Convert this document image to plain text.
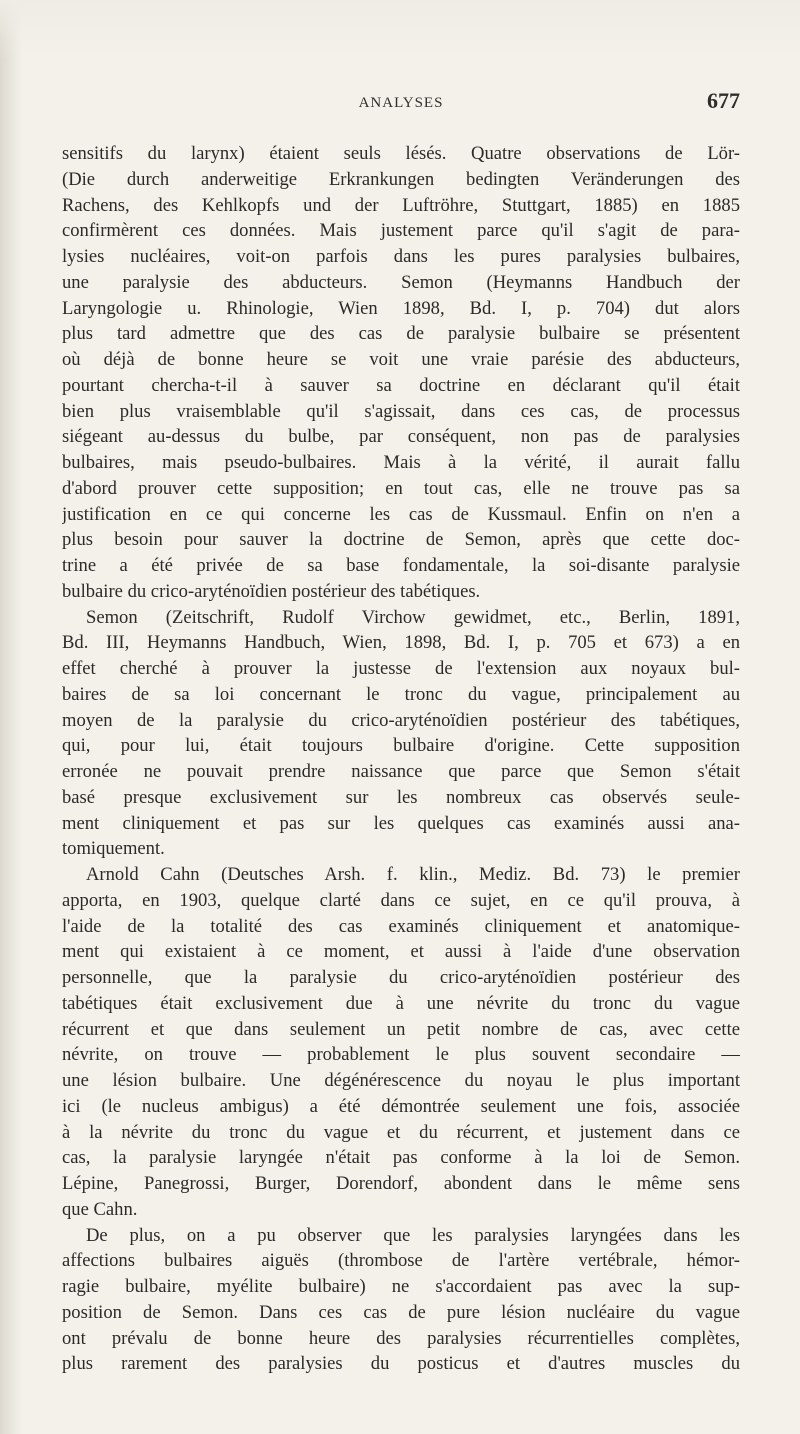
ANALYSES	677
sensitifs du larynx) étaient seuls lésés. Quatre observations de Lör-
(Die durch anderweitige Erkrankungen bedingten Veränderungen des
Rachens, des Kehlkopfs und der Luftröhre, Stuttgart, 1885) en 1885
confirmèrent ces données. Mais justement parce qu'il s'agit de para-
lysies nucléaires, voit-on parfois dans les pures paralysies bulbaires,
une paralysie des abducteurs. Semon (Heymanns Handbuch der
Laryngologie u. Rhinologie, Wien 1898, Bd. I, p. 704) dut alors
plus tard admettre que des cas de paralysie bulbaire se présentent
où déjà de bonne heure se voit une vraie parésie des abducteurs,
pourtant chercha-t-il à sauver sa doctrine en déclarant qu'il était
bien plus vraisemblable qu'il s'agissait, dans ces cas, de processus
siégeant au-dessus du bulbe, par conséquent, non pas de paralysies
bulbaires, mais pseudo-bulbaires. Mais à la vérité, il aurait fallu
d'abord prouver cette supposition; en tout cas, elle ne trouve pas sa
justification en ce qui concerne les cas de Kussmaul. Enfin on n'en a
plus besoin pour sauver la doctrine de Semon, après que cette doc-
trine a été privée de sa base fondamentale, la soi-disante paralysie
bulbaire du crico-aryténoïdien postérieur des tabétiques.
Semon (Zeitschrift, Rudolf Virchow gewidmet, etc., Berlin, 1891,
Bd. III, Heymanns Handbuch, Wien, 1898, Bd. I, p. 705 et 673) a en
effet cherché à prouver la justesse de l'extension aux noyaux bul-
baires de sa loi concernant le tronc du vague, principalement au
moyen de la paralysie du crico-aryténoïdien postérieur des tabétiques,
qui, pour lui, était toujours bulbaire d'origine. Cette supposition
erronée ne pouvait prendre naissance que parce que Semon s'était
basé presque exclusivement sur les nombreux cas observés seule-
ment cliniquement et pas sur les quelques cas examinés aussi ana-
tomiquement.
Arnold Cahn (Deutsches Arsh. f. klin., Mediz. Bd. 73) le premier
apporta, en 1903, quelque clarté dans ce sujet, en ce qu'il prouva, à
l'aide de la totalité des cas examinés cliniquement et anatomique-
ment qui existaient à ce moment, et aussi à l'aide d'une observation
personnelle, que la paralysie du crico-aryténoïdien postérieur des
tabétiques était exclusivement due à une névrite du tronc du vague
récurrent et que dans seulement un petit nombre de cas, avec cette
névrite, on trouve — probablement le plus souvent secondaire —
une lésion bulbaire. Une dégénérescence du noyau le plus important
ici (le nucleus ambigus) a été démontrée seulement une fois, associée
à la névrite du tronc du vague et du récurrent, et justement dans ce
cas, la paralysie laryngée n'était pas conforme à la loi de Semon.
Lépine, Panegrossi, Burger, Dorendorf, abondent dans le même sens
que Cahn.
De plus, on a pu observer que les paralysies laryngées dans les
affections bulbaires aiguës (thrombose de l'artère vertébrale, hémor-
ragie bulbaire, myélite bulbaire) ne s'accordaient pas avec la sup-
position de Semon. Dans ces cas de pure lésion nucléaire du vague
ont prévalu de bonne heure des paralysies récurrentielles complètes,
plus rarement des paralysies du posticus et d'autres muscles du
